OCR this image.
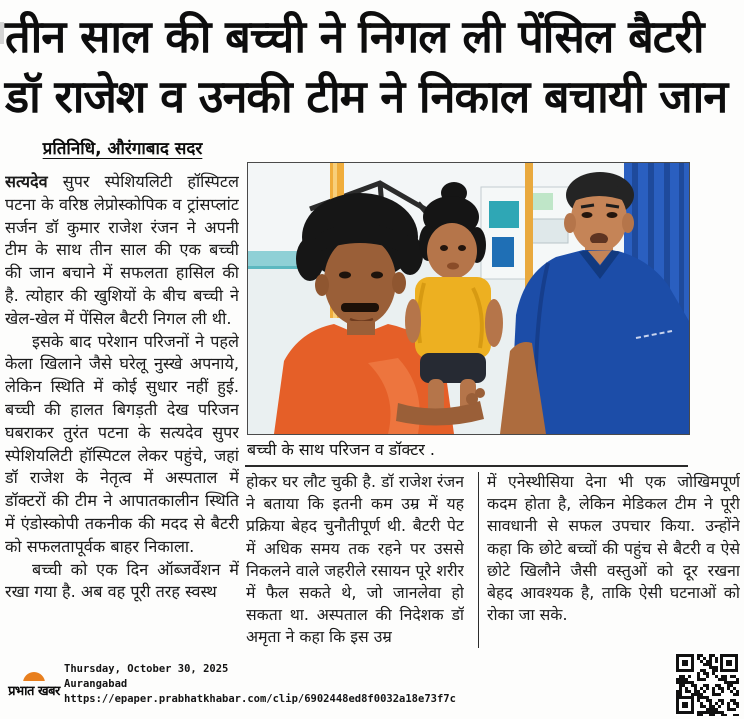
तीन साल की बच्ची ने निगल ली पेंसिल बैटरी
डॉ राजेश व उनकी टीम ने निकाल बचायी जान
प्रतिनिधि, औरंगाबाद सदर

सत्यदेव सुपर स्पेशियलिटी हॉस्पिटल पटना के वरिष्ठ लेप्रोस्कोपिक व ट्रांसप्लांट सर्जन डॉ कुमार राजेश रंजन ने अपनी टीम के साथ तीन साल की एक बच्ची की जान बचाने में सफलता हासिल की है. त्योहार की खुशियों के बीच बच्ची ने खेल-खेल में पेंसिल बैटरी निगल ली थी.

इसके बाद परेशान परिजनों ने पहले केला खिलाने जैसे घरेलू नुस्खे अपनाये, लेकिन स्थिति में कोई सुधार नहीं हुई. बच्ची की हालत बिगड़ती देख परिजन घबराकर तुरंत पटना के सत्यदेव सुपर स्पेशियलिटी हॉस्पिटल लेकर पहुंचे, जहां डॉ राजेश के नेतृत्व में अस्पताल में डॉक्टरों की टीम ने आपातकालीन स्थिति में एंडोस्कोपी तकनीक की मदद से बैटरी को सफलतापूर्वक बाहर निकाला.

बच्ची को एक दिन ऑब्जर्वेशन में रखा गया है. अब वह पूरी तरह स्वस्थ

बच्ची के साथ परिजन व डॉक्टर .

होकर घर लौट चुकी है. डॉ राजेश रंजन ने बताया कि इतनी कम उम्र में यह प्रक्रिया बेहद चुनौतीपूर्ण थी. बैटरी पेट में अधिक समय तक रहने पर उससे निकलने वाले जहरीले रसायन पूरे शरीर में फैल सकते थे, जो जानलेवा हो सकता था. अस्पताल की निदेशक डॉ अमृता ने कहा कि इस उम्र

में एनेस्थीसिया देना भी एक जोखिमपूर्ण कदम होता है, लेकिन मेडिकल टीम ने पूरी सावधानी से सफल उपचार किया. उन्होंने कहा कि छोटे बच्चों की पहुंच से बैटरी व ऐसे छोटे खिलौने जैसी वस्तुओं को दूर रखना बेहद आवश्यक है, ताकि ऐसी घटनाओं को रोका जा सके.

प्रभात खबर
Thursday, October 30, 2025
Aurangabad
https://epaper.prabhatkhabar.com/clip/6902448ed8f0032a18e73f7c
